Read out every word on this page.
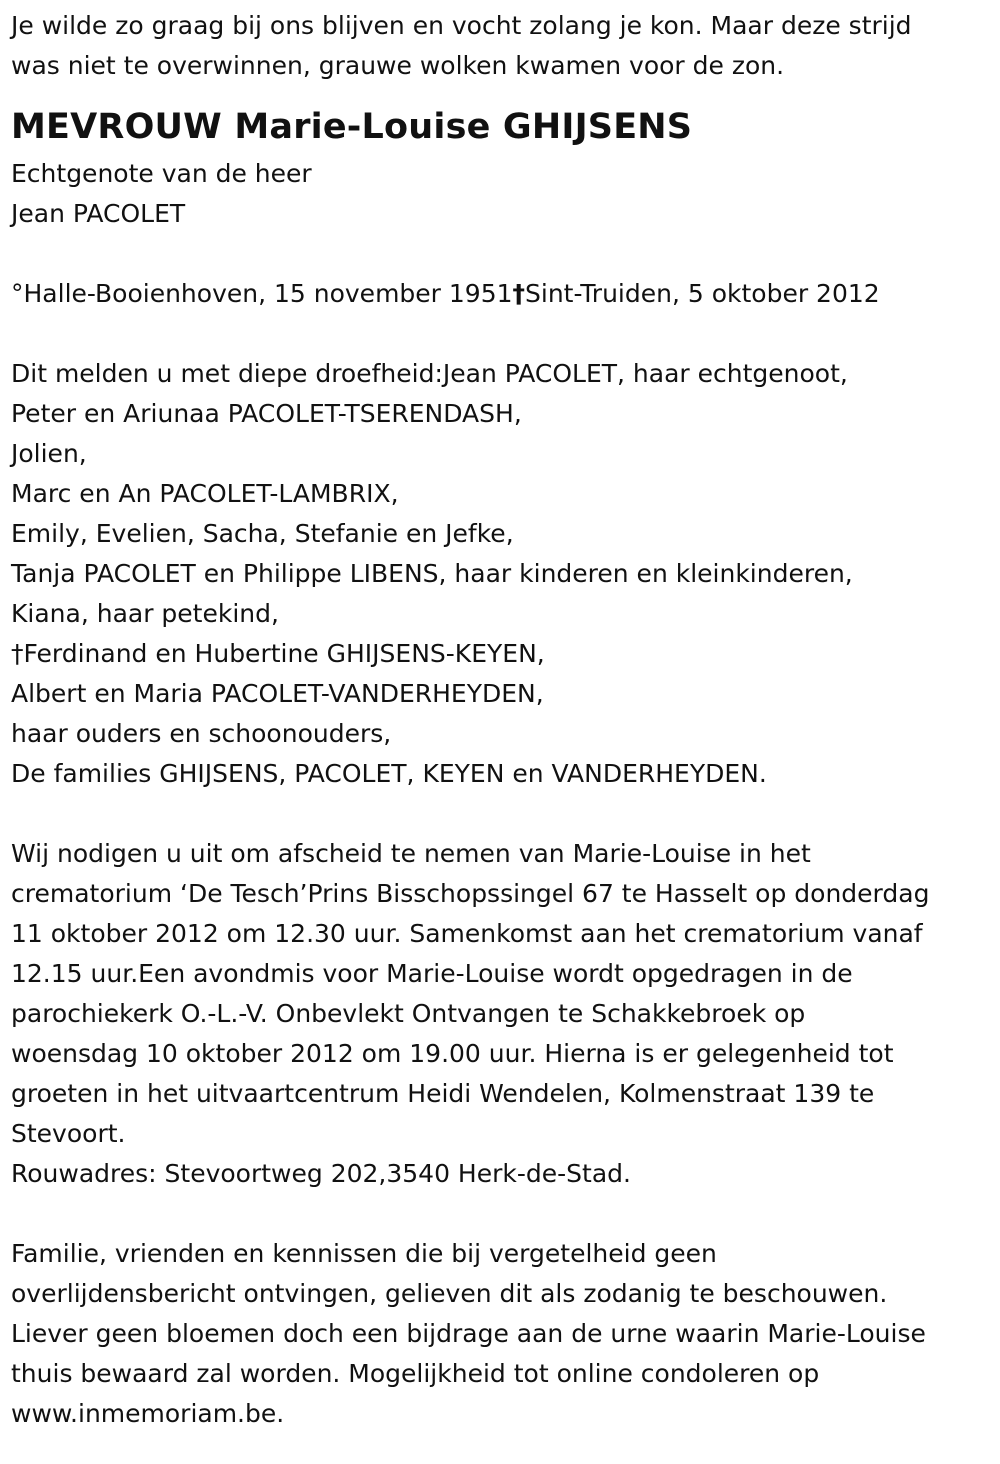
Je wilde zo graag bij ons blijven en vocht zolang je kon. Maar deze strijd
was niet te overwinnen, grauwe wolken kwamen voor de zon.
MEVROUW Marie-Louise GHIJSENS
Echtgenote van de heer
Jean PACOLET
°Halle-Booienhoven, 15 november 1951†Sint-Truiden, 5 oktober 2012
Dit melden u met diepe droefheid:Jean PACOLET, haar echtgenoot,
Peter en Ariunaa PACOLET-TSERENDASH,
Jolien,
Marc en An PACOLET-LAMBRIX,
Emily, Evelien, Sacha, Stefanie en Jefke,
Tanja PACOLET en Philippe LIBENS, haar kinderen en kleinkinderen,
Kiana, haar petekind,
†Ferdinand en Hubertine GHIJSENS-KEYEN,
Albert en Maria PACOLET-VANDERHEYDEN,
haar ouders en schoonouders,
De families GHIJSENS, PACOLET, KEYEN en VANDERHEYDEN.
Wij nodigen u uit om afscheid te nemen van Marie-Louise in het
crematorium ‘De Tesch’Prins Bisschopssingel 67 te Hasselt op donderdag
11 oktober 2012 om 12.30 uur. Samenkomst aan het crematorium vanaf
12.15 uur.Een avondmis voor Marie-Louise wordt opgedragen in de
parochiekerk O.-L.-V. Onbevlekt Ontvangen te Schakkebroek op
woensdag 10 oktober 2012 om 19.00 uur. Hierna is er gelegenheid tot
groeten in het uitvaartcentrum Heidi Wendelen, Kolmenstraat 139 te
Stevoort.
Rouwadres: Stevoortweg 202,3540 Herk-de-Stad.
Familie, vrienden en kennissen die bij vergetelheid geen
overlijdensbericht ontvingen, gelieven dit als zodanig te beschouwen.
Liever geen bloemen doch een bijdrage aan de urne waarin Marie-Louise
thuis bewaard zal worden. Mogelijkheid tot online condoleren op
www.inmemoriam.be.
